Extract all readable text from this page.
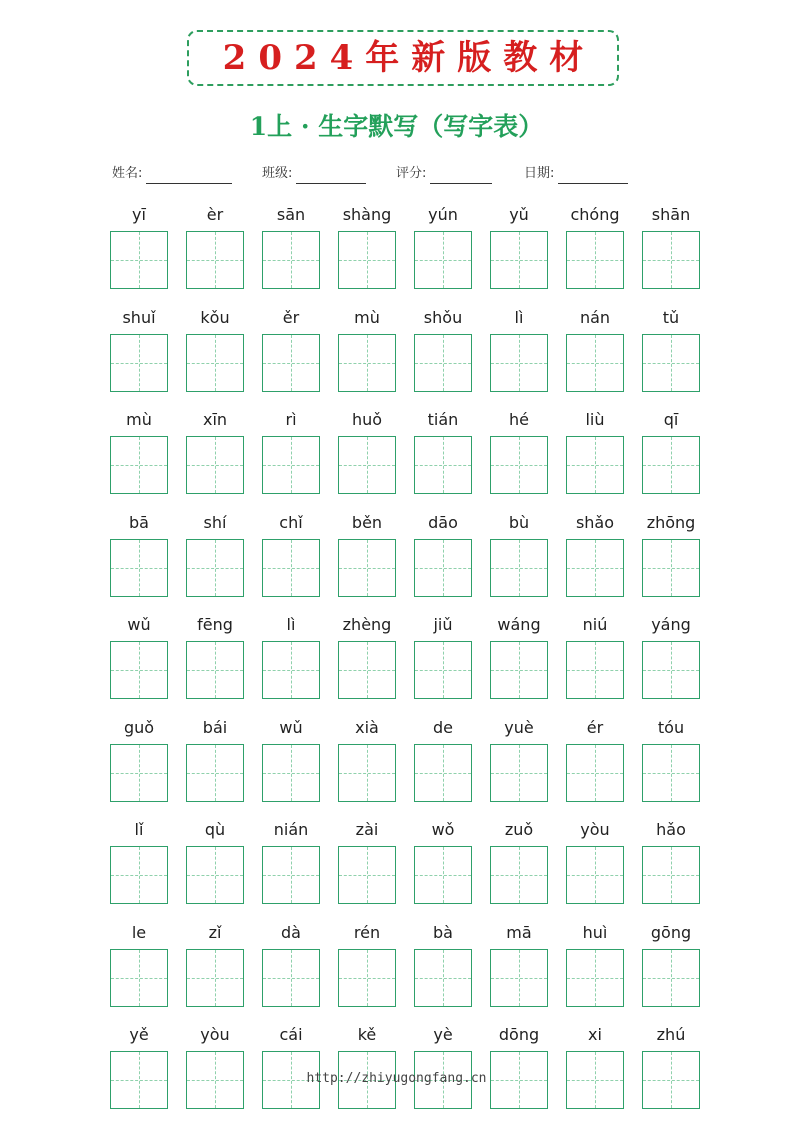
2024年新版教材
1上 · 生字默写（写字表）
姓名:	班级:	评分:	日期:
yī	èr	sān	shàng	yún	yǔ	chóng	shān
shuǐ	kǒu	ěr	mù	shǒu	lì	nán	tǔ
mù	xīn	rì	huǒ	tián	hé	liù	qī
bā	shí	chǐ	běn	dāo	bù	shǎo	zhōng
wǔ	fēng	lì	zhèng	jiǔ	wáng	niú	yáng
guǒ	bái	wǔ	xià	de	yuè	ér	tóu
lǐ	qù	nián	zài	wǒ	zuǒ	yòu	hǎo
le	zǐ	dà	rén	bà	mā	huì	gōng
yě	yòu	cái	kě	yè	dōng	xi	zhú
http://zhiyugongfang.cn
